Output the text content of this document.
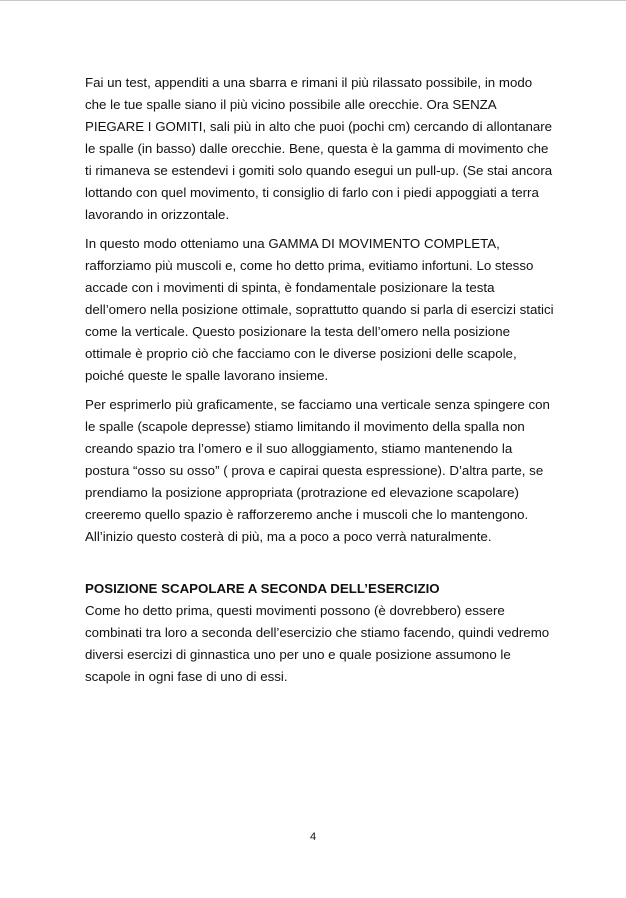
Fai un test, appenditi a una sbarra e rimani il più rilassato possibile, in modo
che le tue spalle siano il più vicino possibile alle orecchie. Ora SENZA
PIEGARE I GOMITI, sali più in alto che puoi (pochi cm) cercando di allontanare
le spalle (in basso) dalle orecchie. Bene, questa è la gamma di movimento che
ti rimaneva se estendevi i gomiti solo quando esegui un pull-up. (Se stai ancora
lottando con quel movimento, ti consiglio di farlo con i piedi appoggiati a terra
lavorando in orizzontale.
In questo modo otteniamo una GAMMA DI MOVIMENTO COMPLETA,
rafforziamo più muscoli e, come ho detto prima, evitiamo infortuni. Lo stesso
accade con i movimenti di spinta, è fondamentale posizionare la testa
dell’omero nella posizione ottimale, soprattutto quando si parla di esercizi statici
come la verticale. Questo posizionare la testa dell’omero nella posizione
ottimale è proprio ciò che facciamo con le diverse posizioni delle scapole,
poiché queste le spalle lavorano insieme.
Per esprimerlo più graficamente, se facciamo una verticale senza spingere con
le spalle (scapole depresse) stiamo limitando il movimento della spalla non
creando spazio tra l’omero e il suo alloggiamento, stiamo mantenendo la
postura “osso su osso” ( prova e capirai questa espressione). D’altra parte, se
prendiamo la posizione appropriata (protrazione ed elevazione scapolare)
creeremo quello spazio è rafforzeremo anche i muscoli che lo mantengono.
All’inizio questo costerà di più, ma a poco a poco verrà naturalmente.
POSIZIONE SCAPOLARE A SECONDA DELL’ESERCIZIO
Come ho detto prima, questi movimenti possono (è dovrebbero) essere
combinati tra loro a seconda dell’esercizio che stiamo facendo, quindi vedremo
diversi esercizi di ginnastica uno per uno e quale posizione assumono le
scapole in ogni fase di uno di essi.
4
